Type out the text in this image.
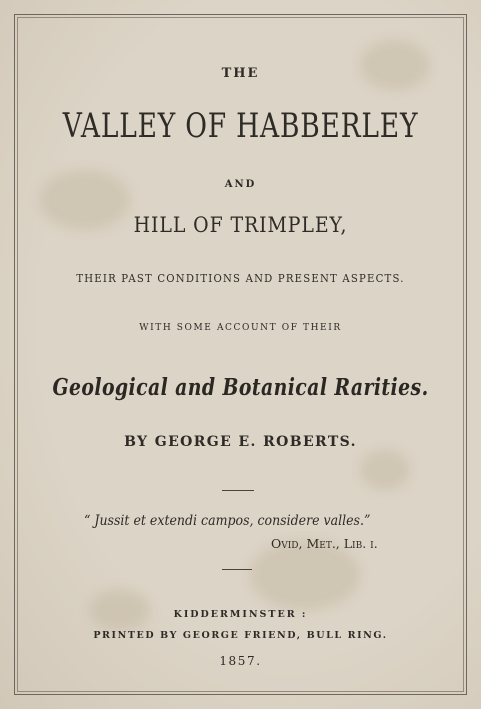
THE
VALLEY OF HABBERLEY
AND
HILL OF TRIMPLEY,
THEIR PAST CONDITIONS AND PRESENT ASPECTS.
WITH SOME ACCOUNT OF THEIR
Geological and Botanical Rarities.
BY GEORGE E. ROBERTS.
“ Jussit et extendi campos, considere valles.”
Ovid, Met., Lib. i.
KIDDERMINSTER :
PRINTED BY GEORGE FRIEND, BULL RING.
1857.
